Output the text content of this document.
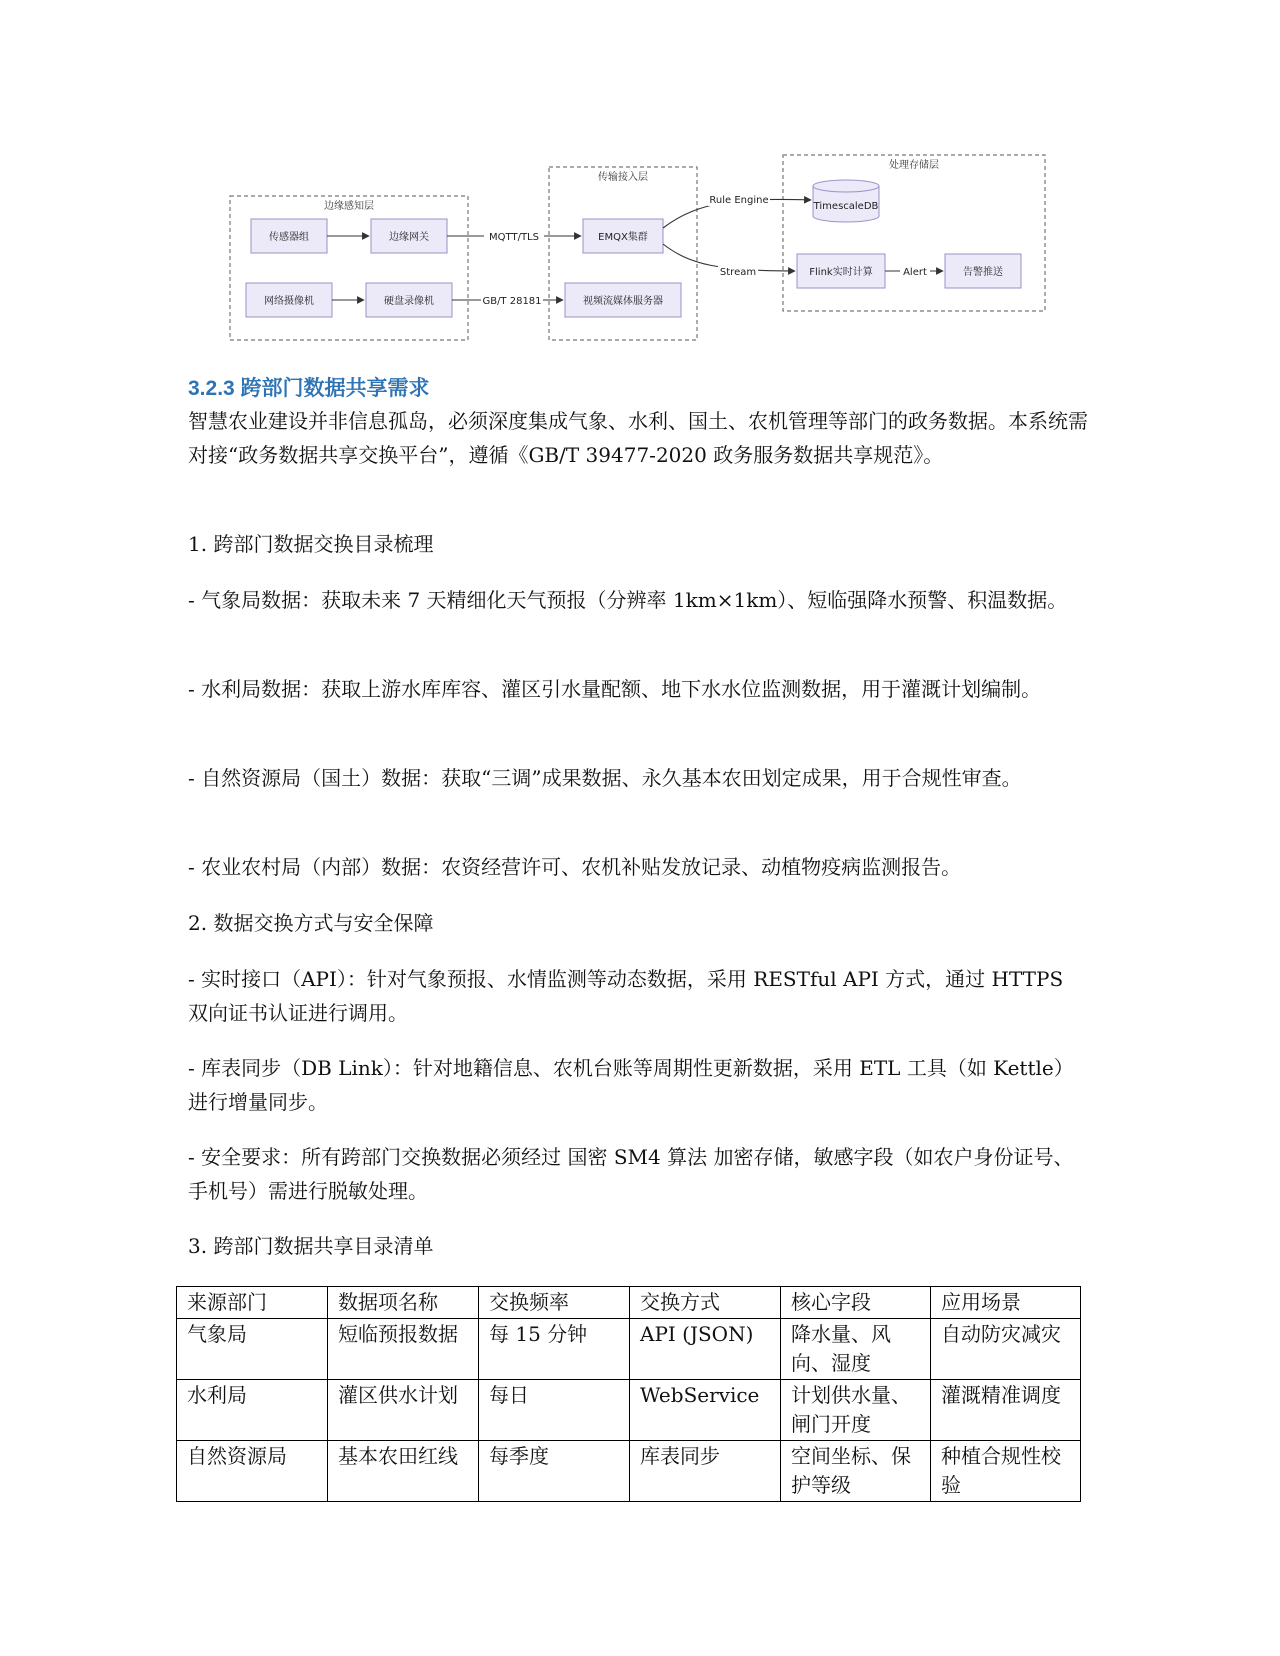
边缘感知层
传输接入层
处理存储层
传感器组	边缘网关
网络摄像机	硬盘录像机
EMQX集群
视频流媒体服务器
TimescaleDB
Flink实时计算	告警推送
MQTT/TLS
GB/T 28181
Rule Engine
Stream	Alert
3.2.3 跨部门数据共享需求

智慧农业建设并非信息孤岛，必须深度集成气象、水利、国土、农机管理等部门的政务数据。本系统需对接“政务数据共享交换平台”，遵循《GB/T 39477-2020 政务服务数据共享规范》。

1. 跨部门数据交换目录梳理

- 气象局数据：获取未来 7 天精细化天气预报（分辨率 1km×1km）、短临强降水预警、积温数据。

- 水利局数据：获取上游水库库容、灌区引水量配额、地下水水位监测数据，用于灌溉计划编制。

- 自然资源局（国土）数据：获取“三调”成果数据、永久基本农田划定成果，用于合规性审查。

- 农业农村局（内部）数据：农资经营许可、农机补贴发放记录、动植物疫病监测报告。

2. 数据交换方式与安全保障

- 实时接口（API）：针对气象预报、水情监测等动态数据，采用 RESTful API 方式，通过 HTTPS 双向证书认证进行调用。

- 库表同步（DB Link）：针对地籍信息、农机台账等周期性更新数据，采用 ETL 工具（如 Kettle）进行增量同步。

- 安全要求：所有跨部门交换数据必须经过 国密 SM4 算法 加密存储，敏感字段（如农户身份证号、手机号）需进行脱敏处理。

3. 跨部门数据共享目录清单

来源部门	数据项名称	交换频率	交换方式	核心字段	应用场景
气象局	短临预报数据	每 15 分钟	API (JSON)	降水量、风向、湿度	自动防灾减灾
水利局	灌区供水计划	每日	WebService	计划供水量、闸门开度	灌溉精准调度
自然资源局	基本农田红线	每季度	库表同步	空间坐标、保护等级	种植合规性校验
